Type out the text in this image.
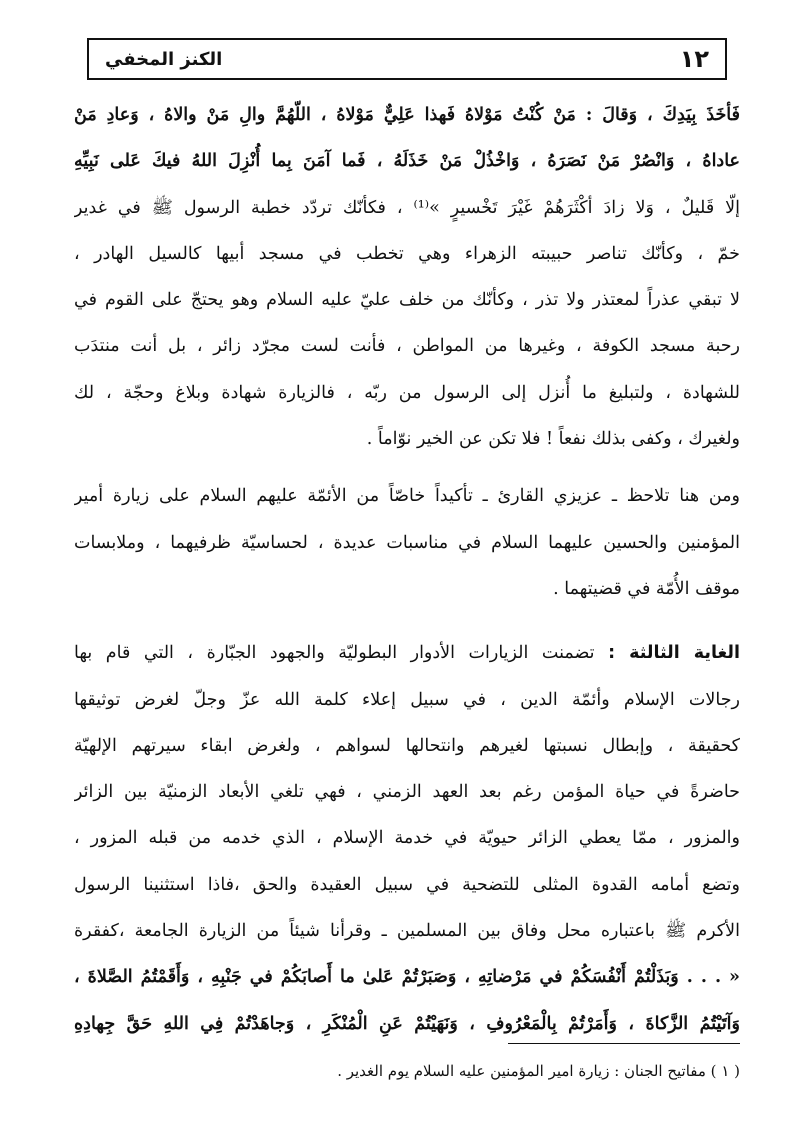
١٢
الكنز المخفي
فَأخَذَ بِيَدِكَ ، وَقالَ : مَنْ كُنْتُ مَوْلاهُ فَهذا عَلِيٌّ مَوْلاهُ ، اللّهُمَّ والِ مَنْ والاهُ ، وَعادِ مَنْ
عاداهُ ، وَانْصُرْ مَنْ نَصَرَهُ ، وَاخْذُلْ مَنْ خَذَلَهُ ، فَما آمَنَ بِما أُنْزِلَ اللهُ فيكَ عَلى نَبِيِّهِ
إلّا قَليلٌ ، وَلا زادَ أكْثَرَهُمْ غَيْرَ تَخْسيرٍ »⁽¹⁾ ، فكأنّك تردّد خطبة الرسول ﷺ في غدير
خمّ ، وكأنّك تناصر حبيبته الزهراء وهي تخطب في مسجد أبيها كالسيل الهادر ،
لا تبقي عذراً لمعتذر ولا تذر ، وكأنّك من خلف عليّ عليه السلام وهو يحتجّ على القوم في
رحبة مسجد الكوفة ، وغيرها من المواطن ، فأنت لست مجرّد زائر ، بل أنت منتدَب
للشهادة ، ولتبليغ ما أُنزل إلى الرسول من ربّه ، فالزيارة شهادة وبلاغ وحجّة ، لك
ولغيرك ، وكفى بذلك نفعاً ! فلا تكن عن الخير نوّاماً .
ومن هنا تلاحظ ـ عزيزي القارئ ـ تأكيداً خاصّاً من الأئمّة عليهم السلام على زيارة أمير
المؤمنين والحسين عليهما السلام في مناسبات عديدة ، لحساسيّة ظرفيهما ، وملابسات
موقف الأُمّة في قضيتهما .
الغاية الثالثة : تضمنت الزيارات الأدوار البطوليّة والجهود الجبّارة ، التي قام بها
رجالات الإسلام وأئمّة الدين ، في سبيل إعلاء كلمة الله عزّ وجلّ لغرض توثيقها
كحقيقة ، وإبطال نسبتها لغيرهم وانتحالها لسواهم ، ولغرض ابقاء سيرتهم الإلهيّة
حاضرةً في حياة المؤمن رغم بعد العهد الزمني ، فهي تلغي الأبعاد الزمنيّة بين الزائر
والمزور ، ممّا يعطي الزائر حيويّة في خدمة الإسلام ، الذي خدمه من قبله المزور ،
وتضع أمامه القدوة المثلى للتضحية في سبيل العقيدة والحق ،فاذا استثنينا الرسول
الأكرم ﷺ باعتباره محل وفاق بين المسلمين ـ وقرأنا شيئاً من الزيارة الجامعة ،كفقرة
« . . . وَبَذَلْتُمْ أَنْفُسَكُمْ في مَرْضاتِهِ ، وَصَبَرْتُمْ عَلىٰ ما أَصابَكُمْ في جَنْبِهِ ، وَأَقَمْتُمُ الصَّلاةَ ،
وَآتَيْتُمُ الزَّكاةَ ، وَأَمَرْتُمْ بِالْمَعْرُوفِ ، وَنَهَيْتُمْ عَنِ الْمُنْكَرِ ، وَجاهَدْتُمْ فِي اللهِ حَقَّ جِهادِهِ
( ١ ) مفاتيح الجنان : زيارة امير المؤمنين عليه السلام يوم الغدير .
